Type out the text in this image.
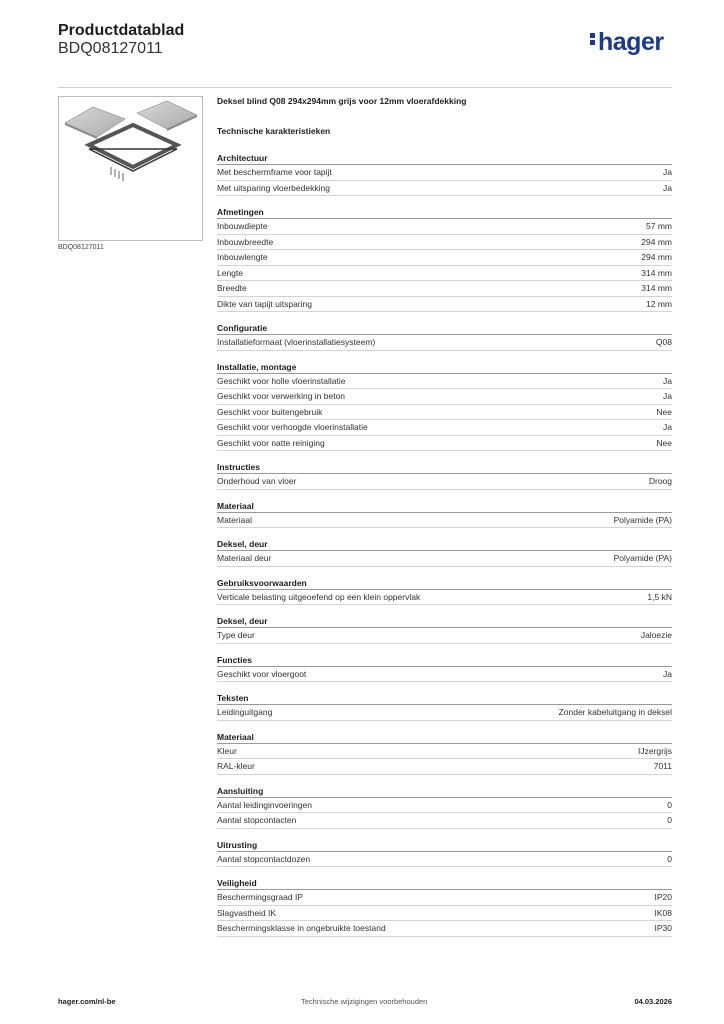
Productdatablad
BDQ08127011	hager
BDQ08127011
Deksel blind Q08 294x294mm grijs voor 12mm vloerafdekking
Technische karakteristieken
Architectuur
Met beschermframe voor tapijt	Ja
Met uitsparing vloerbedekking	Ja
Afmetingen
Inbouwdiepte	57 mm
Inbouwbreedte	294 mm
Inbouwlengte	294 mm
Lengte	314 mm
Breedte	314 mm
Dikte van tapijt uitsparing	12 mm
Configuratie
Installatieformaat (vloerinstallatiesysteem)	Q08
Installatie, montage
Geschikt voor holle vloerinstallatie	Ja
Geschikt voor verwerking in beton	Ja
Geschikt voor buitengebruik	Nee
Geschikt voor verhoogde vloerinstallatie	Ja
Geschikt voor natte reiniging	Nee
Instructies
Onderhoud van vloer	Droog
Materiaal
Materiaal	Polyamide (PA)
Deksel, deur
Materiaal deur	Polyamide (PA)
Gebruiksvoorwaarden
Verticale belasting uitgeoefend op een klein oppervlak	1,5 kN
Deksel, deur
Type deur	Jaloezie
Functies
Geschikt voor vloergoot	Ja
Teksten
Leidinguitgang	Zonder kabeluitgang in deksel
Materiaal
Kleur	IJzergrijs
RAL-kleur	7011
Aansluiting
Aantal leidinginvoeringen	0
Aantal stopcontacten	0
Uitrusting
Aantal stopcontactdozen	0
Veiligheid
Beschermingsgraad IP	IP20
Slagvastheid IK	IK08
Beschermingsklasse in ongebruikte toestand	IP30
hager.com/nl-be	Technische wijzigingen voorbehouden	04.03.2026
